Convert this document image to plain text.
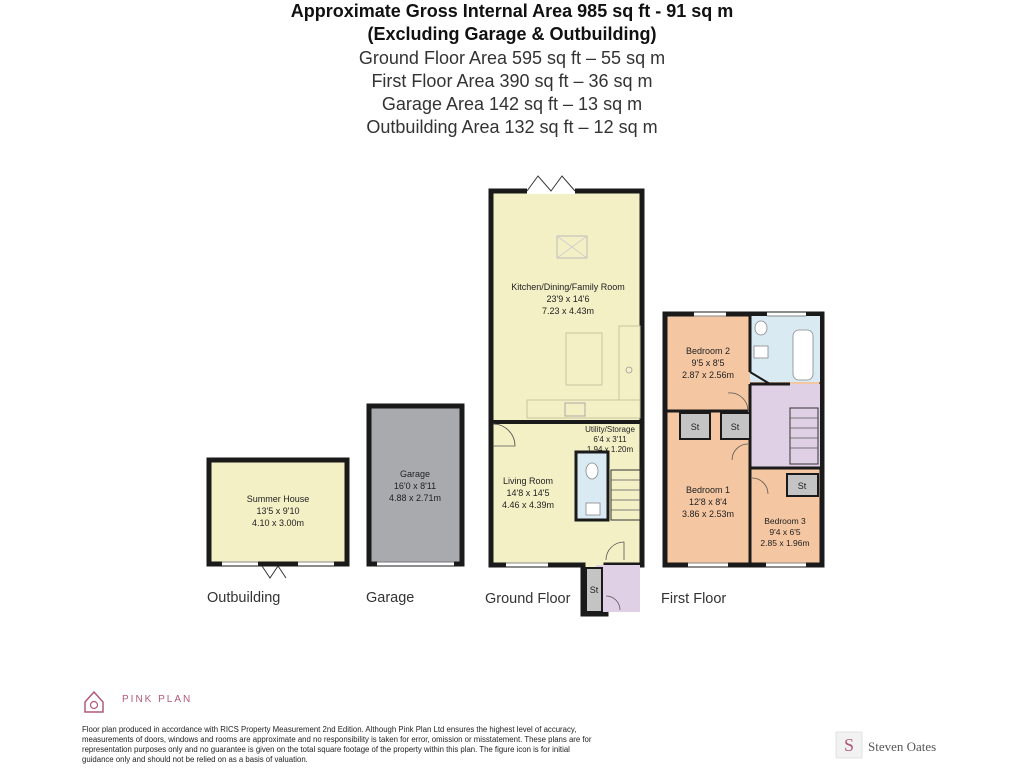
Approximate Gross Internal Area 985 sq ft - 91 sq m
(Excluding Garage & Outbuilding)
Ground Floor Area 595 sq ft – 55 sq m
First Floor Area 390 sq ft – 36 sq m
Garage Area 142 sq ft – 13 sq m
Outbuilding Area 132 sq ft – 12 sq m
Summer House
13'5 x 9'10
4.10 x 3.00m
Garage
16'0 x 8'11
4.88 x 2.71m
St
Kitchen/Dining/Family Room
23'9 x 14'6
7.23 x 4.43m
Utility/Storage
6'4 x 3'11
1.94 x 1.20m
Living Room
14'8 x 14'5
4.46 x 4.39m
St	St
St
Bedroom 2
9'5 x 8'5
2.87 x 2.56m
Bedroom 1
12'8 x 8'4
3.86 x 2.53m
Bedroom 3
9'4 x 6'5
2.85 x 1.96m
Outbuilding	Garage	Ground Floor	First Floor
S
PINK PLAN
Floor plan produced in accordance with RICS Property Measurement 2nd Edition. Although Pink Plan Ltd ensures the highest level of accuracy, measurements of doors, windows and rooms are approximate and no responsibility is taken for error, omission or misstatement. These plans are for representation purposes only and no guarantee is given on the total square footage of the property within this plan. The figure icon is for initial guidance only and should not be relied on as a basis of valuation.
Steven Oates
